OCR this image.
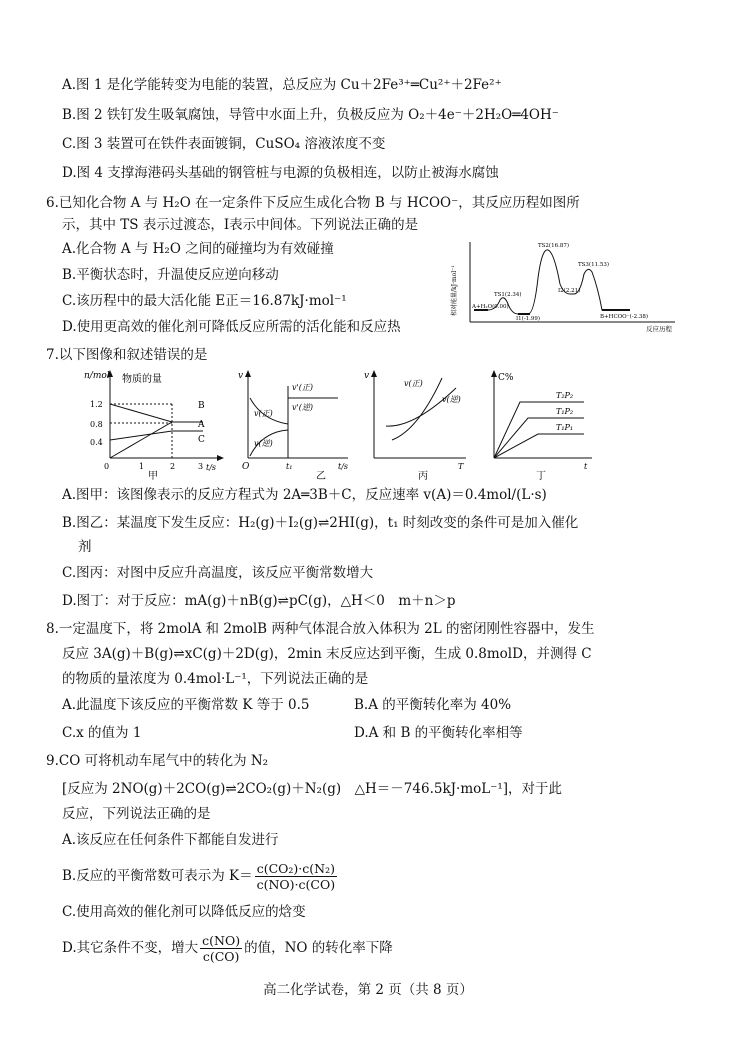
A.图 1 是化学能转变为电能的装置，总反应为 Cu＋2Fe³⁺═Cu²⁺＋2Fe²⁺
B.图 2 铁钉发生吸氧腐蚀，导管中水面上升，负极反应为 O₂＋4e⁻＋2H₂O═4OH⁻
C.图 3 装置可在铁件表面镀铜，CuSO₄ 溶液浓度不变
D.图 4 支撑海港码头基础的钢管桩与电源的负极相连，以防止被海水腐蚀
6.已知化合物 A 与 H₂O 在一定条件下反应生成化合物 B 与 HCOO⁻，其反应历程如图所
示，其中 TS 表示过渡态，Ⅰ表示中间体。下列说法正确的是
A.化合物 A 与 H₂O 之间的碰撞均为有效碰撞
B.平衡状态时，升温使反应逆向移动
C.该历程中的最大活化能 E正＝16.87kJ·mol⁻¹
D.使用更高效的催化剂可降低反应所需的活化能和反应热
相对能量/kJ·mol⁻¹
反应历程
A+H₂O(0.00)
TS1(2.34)
I1(-1.99)
TS2(16.87)
I2(2.21)
TS3(11.53)
B+HCOO⁻(-2.38)
7.以下图像和叙述错误的是
n/mol 物质的量
t/s
1.2
0.8
0.4
0	1	2	3
B
A
C
甲
v
O	t/s
t₁
v(正)
v(逆)
v'(正)
v'(逆)
乙
v
T
v(正)
v(逆)
丙
C%
t
T₂P₂
T₁P₂
T₁P₁
丁
A.图甲：该图像表示的反应方程式为 2A═3B＋C，反应速率 v(A)＝0.4mol/(L·s)
B.图乙：某温度下发生反应：H₂(g)＋I₂(g)⇌2HI(g)，t₁ 时刻改变的条件可是加入催化
剂
C.图丙：对图中反应升高温度，该反应平衡常数增大
D.图丁：对于反应：mA(g)＋nB(g)⇌pC(g)，△H＜0　m＋n＞p
8.一定温度下，将 2molA 和 2molB 两种气体混合放入体积为 2L 的密闭刚性容器中，发生
反应 3A(g)＋B(g)⇌xC(g)＋2D(g)，2min 末反应达到平衡，生成 0.8molD，并测得 C
的物质的量浓度为 0.4mol·L⁻¹，下列说法正确的是
A.此温度下该反应的平衡常数 K 等于 0.5	B.A 的平衡转化率为 40%
C.x 的值为 1	D.A 和 B 的平衡转化率相等
9.CO 可将机动车尾气中的转化为 N₂
[反应为 2NO(g)＋2CO(g)⇌2CO₂(g)＋N₂(g)　△H＝－746.5kJ·moL⁻¹]，对于此
反应，下列说法正确的是
A.该反应在任何条件下都能自发进行
B.反应的平衡常数可表示为 $K= \frac{\text{c(CO₂)·c(N₂)}}{c(NO)\cdot c(CO)}$
C.使用高效的催化剂可以降低反应的焓变
D.其它条件不变，增大 $\frac{c(NO)}{c(CO)}$ 的值，NO 的转化率下降
高二化学试卷，第 2 页（共 8 页）
